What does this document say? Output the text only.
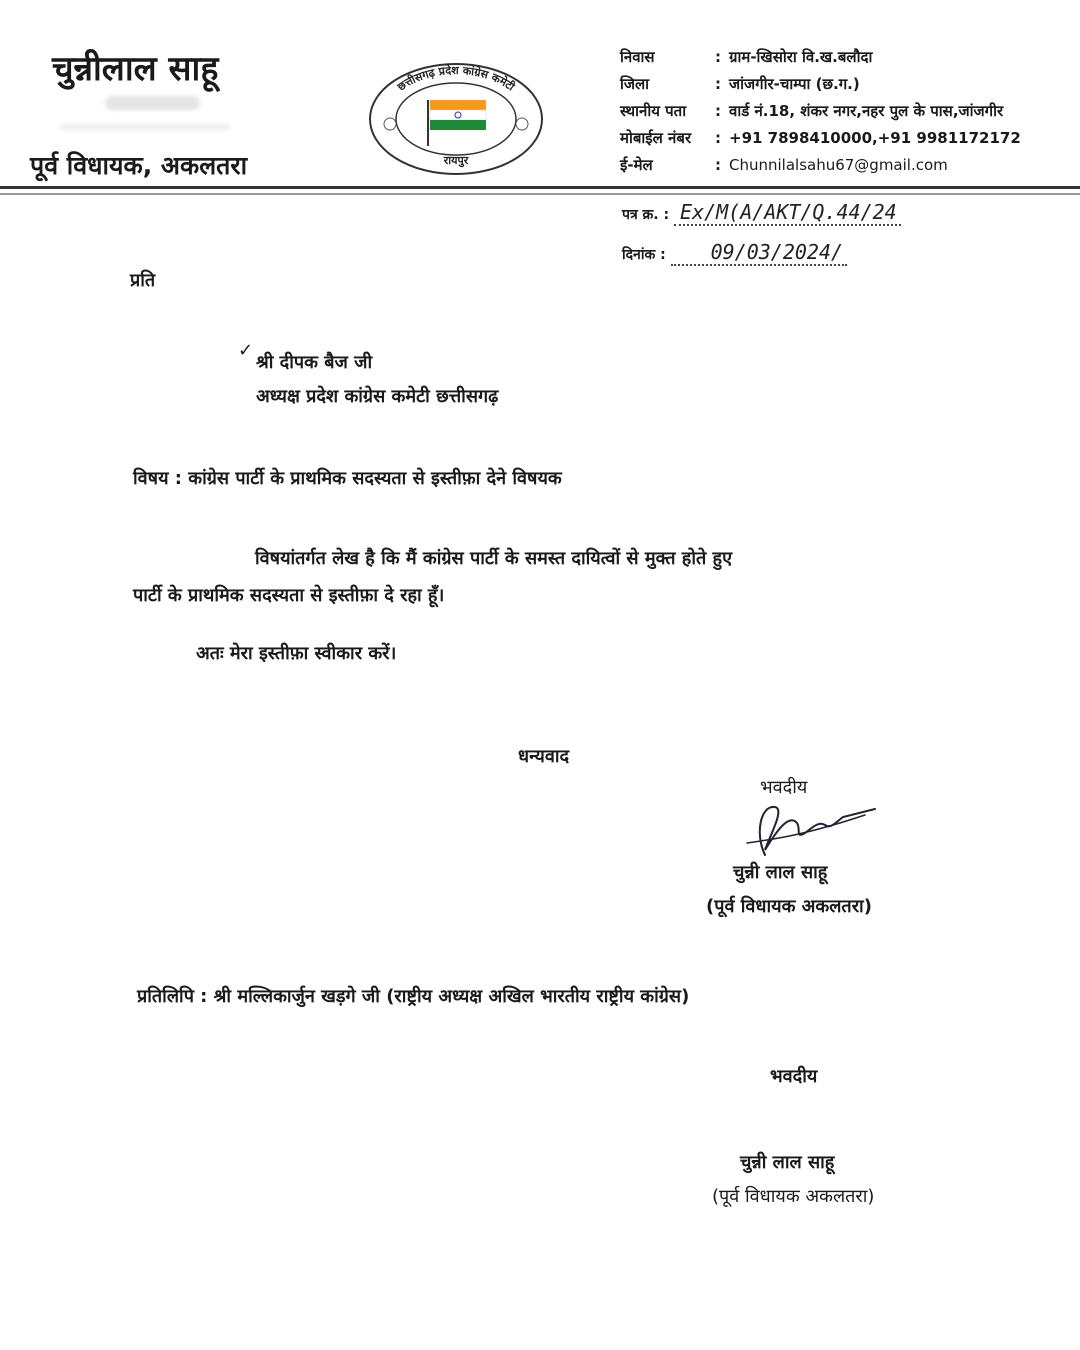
चुन्नीलाल साहू
पूर्व विधायक, अकलतरा
छत्तीसगढ़ प्रदेश कांग्रेस कमेटी
रायपुर
निवास	: ग्राम-खिसोरा वि.ख.बलौदा
जिला	: जांजगीर-चाम्पा (छ.ग.)
स्थानीय पता	: वार्ड नं.18, शंकर नगर,नहर पुल के पास,जांजगीर
मोबाईल नंबर	: +91 7898410000,+91 9981172172
ई-मेल	: Chunnilalsahu67@gmail.com
पत्र क्र. : Ex/M(A/AKT/Q.44/24
दिनांक : 09/03/2024/
प्रति
✓
श्री दीपक बैज जी
अध्यक्ष प्रदेश कांग्रेस कमेटी छत्तीसगढ़
विषय : कांग्रेस पार्टी के प्राथमिक सदस्यता से इस्तीफ़ा देने विषयक
विषयांतर्गत लेख है कि मैं कांग्रेस पार्टी के समस्त दायित्वों से मुक्त होते हुए
पार्टी के प्राथमिक सदस्यता से इस्तीफ़ा दे रहा हूँ।
अतः मेरा इस्तीफ़ा स्वीकार करें।
धन्यवाद
भवदीय
चुन्नी लाल साहू
(पूर्व विधायक अकलतरा)
प्रतिलिपि : श्री मल्लिकार्जुन खड़गे जी (राष्ट्रीय अध्यक्ष अखिल भारतीय राष्ट्रीय कांग्रेस)
भवदीय
चुन्नी लाल साहू
(पूर्व विधायक अकलतरा)
